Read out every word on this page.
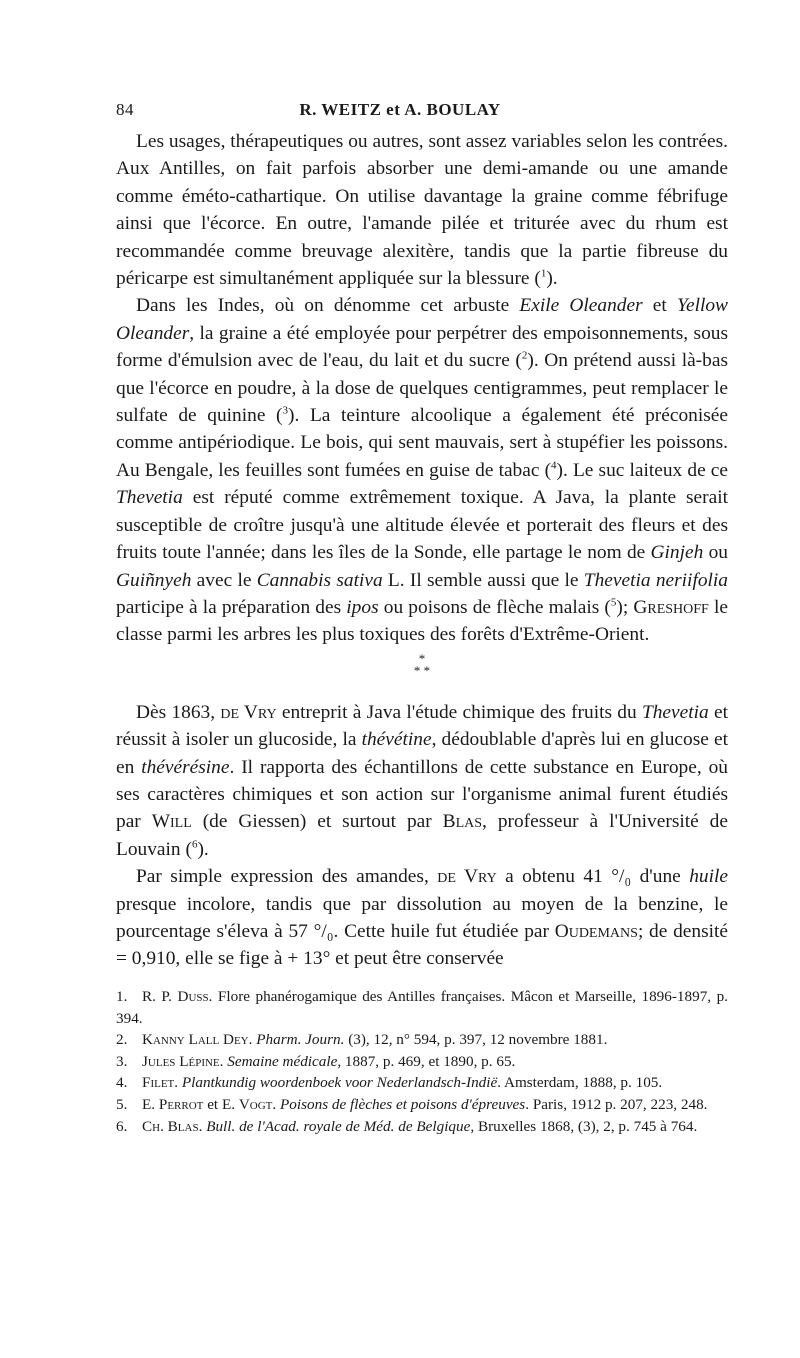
84	R. WEITZ et A. BOULAY

Les usages, thérapeutiques ou autres, sont assez variables selon les contrées. Aux Antilles, on fait parfois absorber une demi-amande ou une amande comme éméto-cathartique. On utilise davantage la graine comme fébrifuge ainsi que l'écorce. En outre, l'amande pilée et triturée avec du rhum est recommandée comme breuvage alexitère, tandis que la partie fibreuse du péricarpe est simultanément appliquée sur la blessure ($^1$).

Dans les Indes, où on dénomme cet arbuste Exile Oleander et Yellow Oleander, la graine a été employée pour perpétrer des empoisonnements, sous forme d'émulsion avec de l'eau, du lait et du sucre ($^2$). On prétend aussi là-bas que l'écorce en poudre, à la dose de quelques centigrammes, peut remplacer le sulfate de quinine ($^3$). La teinture alcoolique a également été préconisée comme antipériodique. Le bois, qui sent mauvais, sert à stupéfier les poissons. Au Bengale, les feuilles sont fumées en guise de tabac ($^4$). Le suc laiteux de ce Thevetia est réputé comme extrêmement toxique. A Java, la plante serait susceptible de croître jusqu'à une altitude élevée et porterait des fleurs et des fruits toute l'année; dans les îles de la Sonde, elle partage le nom de Ginjeh ou Guiñnyeh avec le Cannabis sativa L. Il semble aussi que le Thevetia neriifolia participe à la préparation des ipos ou poisons de flèche malais ($^5$); Greshoff le classe parmi les arbres les plus toxiques des forêts d'Extrême-Orient.

*
* *

Dès 1863, de Vry entreprit à Java l'étude chimique des fruits du Thevetia et réussit à isoler un glucoside, la thévétine, dédoublable d'après lui en glucose et en thévérésine. Il rapporta des échantillons de cette substance en Europe, où ses caractères chimiques et son action sur l'organisme animal furent étudiés par Will (de Giessen) et surtout par Blas, professeur à l'Université de Louvain ($^6$).

Par simple expression des amandes, de Vry a obtenu 41 °/₀ d'une huile presque incolore, tandis que par dissolution au moyen de la benzine, le pourcentage s'éleva à 57 °/₀. Cette huile fut étudiée par Oudemans; de densité = 0,910, elle se fige à + 13° et peut être conservée

1. R. P. Duss. Flore phanérogamique des Antilles françaises. Mâcon et Marseille, 1896-1897, p. 394.

2. Kanny Lall Dey. Pharm. Journ. (3), 12, n° 594, p. 397, 12 novembre 1881.

3. Jules Lépine. Semaine médicale, 1887, p. 469, et 1890, p. 65.

4. Filet. Plantkundig woordenboek voor Nederlandsch-Indië. Amsterdam, 1888, p. 105.

5. E. Perrot et E. Vogt. Poisons de flèches et poisons d'épreuves. Paris, 1912 p. 207, 223, 248.

6. Ch. Blas. Bull. de l'Acad. royale de Méd. de Belgique, Bruxelles 1868, (3), 2, p. 745 à 764.
